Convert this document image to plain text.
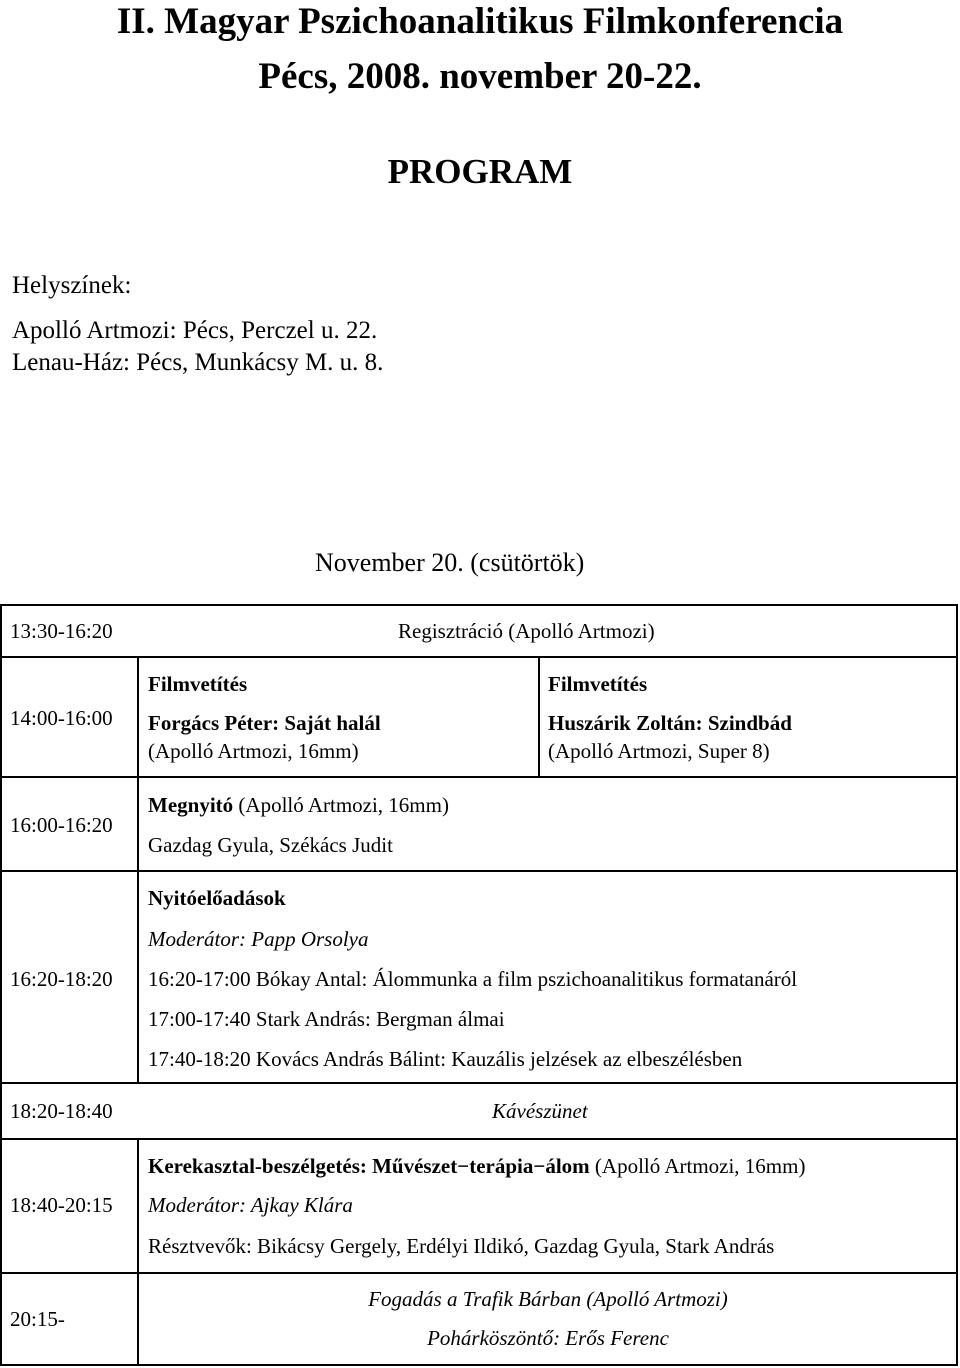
II. Magyar Pszichoanalitikus Filmkonferencia
Pécs, 2008. november 20-22.
PROGRAM
Helyszínek:
Apolló Artmozi: Pécs, Perczel u. 22.
Lenau-Ház: Pécs, Munkácsy M. u. 8.
November 20. (csütörtök)
13:30-16:20	Regisztráció (Apolló Artmozi)
14:00-16:00
Filmvetítés
Forgács Péter: Saját halál
(Apolló Artmozi, 16mm)
Filmvetítés
Huszárik Zoltán: Szindbád
(Apolló Artmozi, Super 8)
16:00-16:20
Megnyitó (Apolló Artmozi, 16mm)
Gazdag Gyula, Székács Judit
16:20-18:20
Nyitóelőadások
Moderátor: Papp Orsolya
16:20-17:00 Bókay Antal: Álommunka a film pszichoanalitikus formatanáról
17:00-17:40 Stark András: Bergman álmai
17:40-18:20 Kovács András Bálint: Kauzális jelzések az elbeszélésben
18:20-18:40	Kávészünet
18:40-20:15
Kerekasztal-beszélgetés: Művészet−terápia−álom (Apolló Artmozi, 16mm)
Moderátor: Ajkay Klára
Résztvevők: Bikácsy Gergely, Erdélyi Ildikó, Gazdag Gyula, Stark András
20:15-
Fogadás a Trafik Bárban (Apolló Artmozi)
Pohárköszöntő: Erős Ferenc
